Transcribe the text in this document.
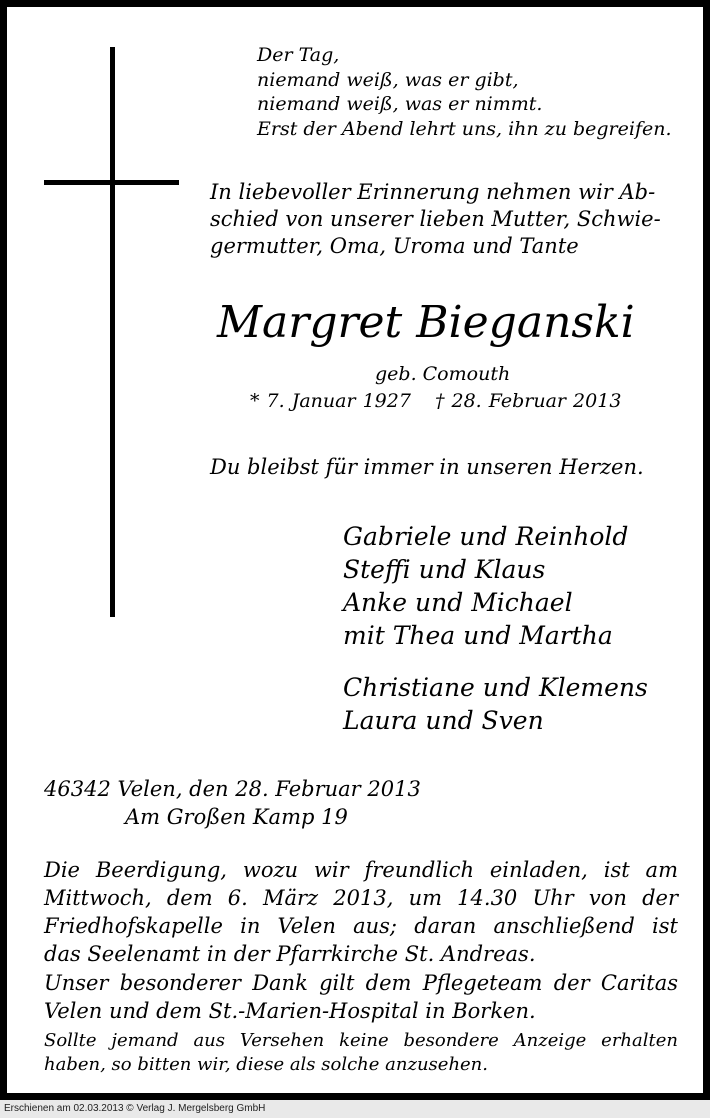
Der Tag,
niemand weiß, was er gibt,
niemand weiß, was er nimmt.
Erst der Abend lehrt uns, ihn zu begreifen.
In liebevoller Erinnerung nehmen wir Ab-
schied von unserer lieben Mutter, Schwie-
germutter, Oma, Uroma und Tante
Margret Bieganski
geb. Comouth
* 7. Januar 1927 † 28. Februar 2013
Du bleibst für immer in unseren Herzen.
Gabriele und Reinhold
Steffi und Klaus
Anke und Michael
mit Thea und Martha
Christiane und Klemens
Laura und Sven
46342 Velen, den 28. Februar 2013
Am Großen Kamp 19
Die Beerdigung, wozu wir freundlich einladen, ist am
Mittwoch, dem 6. März 2013, um 14.30 Uhr von der
Friedhofskapelle in Velen aus; daran anschließend ist
das Seelenamt in der Pfarrkirche St. Andreas.
Unser besonderer Dank gilt dem Pflegeteam der Caritas
Velen und dem St.-Marien-Hospital in Borken.
Sollte jemand aus Versehen keine besondere Anzeige erhalten
haben, so bitten wir, diese als solche anzusehen.
Erschienen am 02.03.2013 © Verlag J. Mergelsberg GmbH
